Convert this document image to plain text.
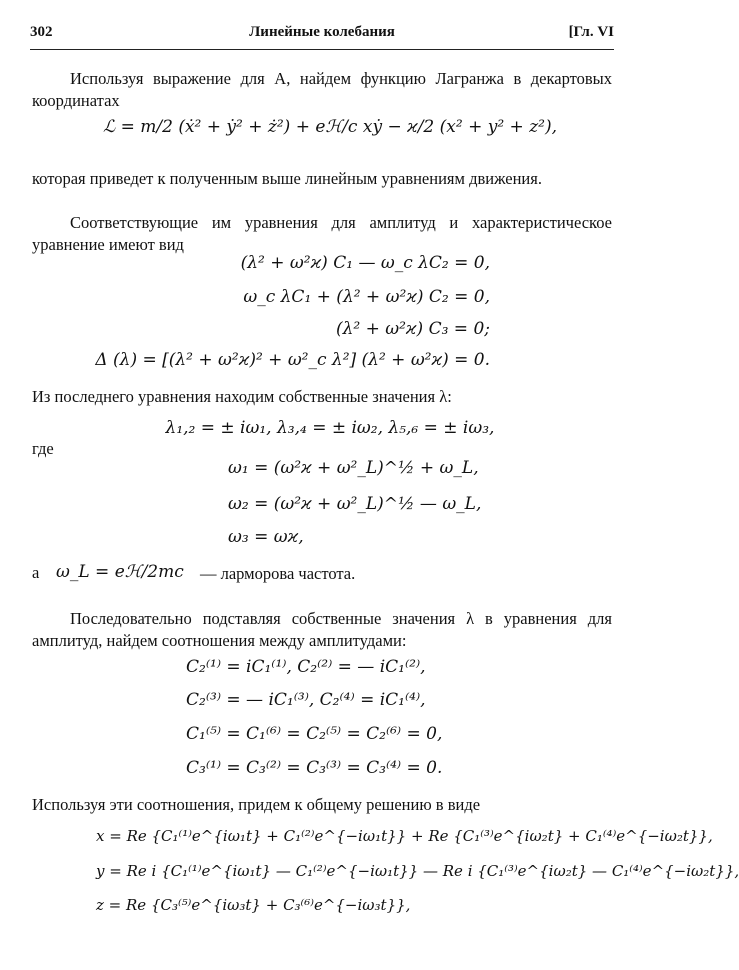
302	Линейные колебания	[Гл. VI
Используя выражение для A, найдем функцию Лагранжа в декартовых координатах
ℒ = m/2 (ẋ² + ẏ² + ż²) + eℋ/c xẏ − ϰ/2 (x² + y² + z²),
которая приведет к полученным выше линейным уравнениям движения.
Соответствующие им уравнения для амплитуд и характеристическое уравнение имеют вид
(λ² + ω²ϰ) C₁ — ω_c λC₂ = 0,
ω_c λC₁ + (λ² + ω²ϰ) C₂ = 0,
(λ² + ω²ϰ) C₃ = 0;
Δ (λ) = [(λ² + ω²ϰ)² + ω²_c λ²] (λ² + ω²ϰ) = 0.
Из последнего уравнения находим собственные значения λ:
λ₁,₂ = ± iω₁, λ₃,₄ = ± iω₂, λ₅,₆ = ± iω₃,
где
ω₁ = (ω²ϰ + ω²_L)^½ + ω_L,
ω₂ = (ω²ϰ + ω²_L)^½ — ω_L,
ω₃ = ωϰ,
а ω_L = eℋ/2mc — ларморова частота.
Последовательно подставляя собственные значения λ в уравнения для амплитуд, найдем соотношения между амплитудами:
C₂⁽¹⁾ = iC₁⁽¹⁾, C₂⁽²⁾ = — iC₁⁽²⁾,
C₂⁽³⁾ = — iC₁⁽³⁾, C₂⁽⁴⁾ = iC₁⁽⁴⁾,
C₁⁽⁵⁾ = C₁⁽⁶⁾ = C₂⁽⁵⁾ = C₂⁽⁶⁾ = 0,
C₃⁽¹⁾ = C₃⁽²⁾ = C₃⁽³⁾ = C₃⁽⁴⁾ = 0.
Используя эти соотношения, придем к общему решению в виде
x = Re {C₁⁽¹⁾e^{iω₁t} + C₁⁽²⁾e^{−iω₁t}} + Re {C₁⁽³⁾e^{iω₂t} + C₁⁽⁴⁾e^{−iω₂t}},
y = Re i {C₁⁽¹⁾e^{iω₁t} — C₁⁽²⁾e^{−iω₁t}} — Re i {C₁⁽³⁾e^{iω₂t} — C₁⁽⁴⁾e^{−iω₂t}},
z = Re {C₃⁽⁵⁾e^{iω₃t} + C₃⁽⁶⁾e^{−iω₃t}},
